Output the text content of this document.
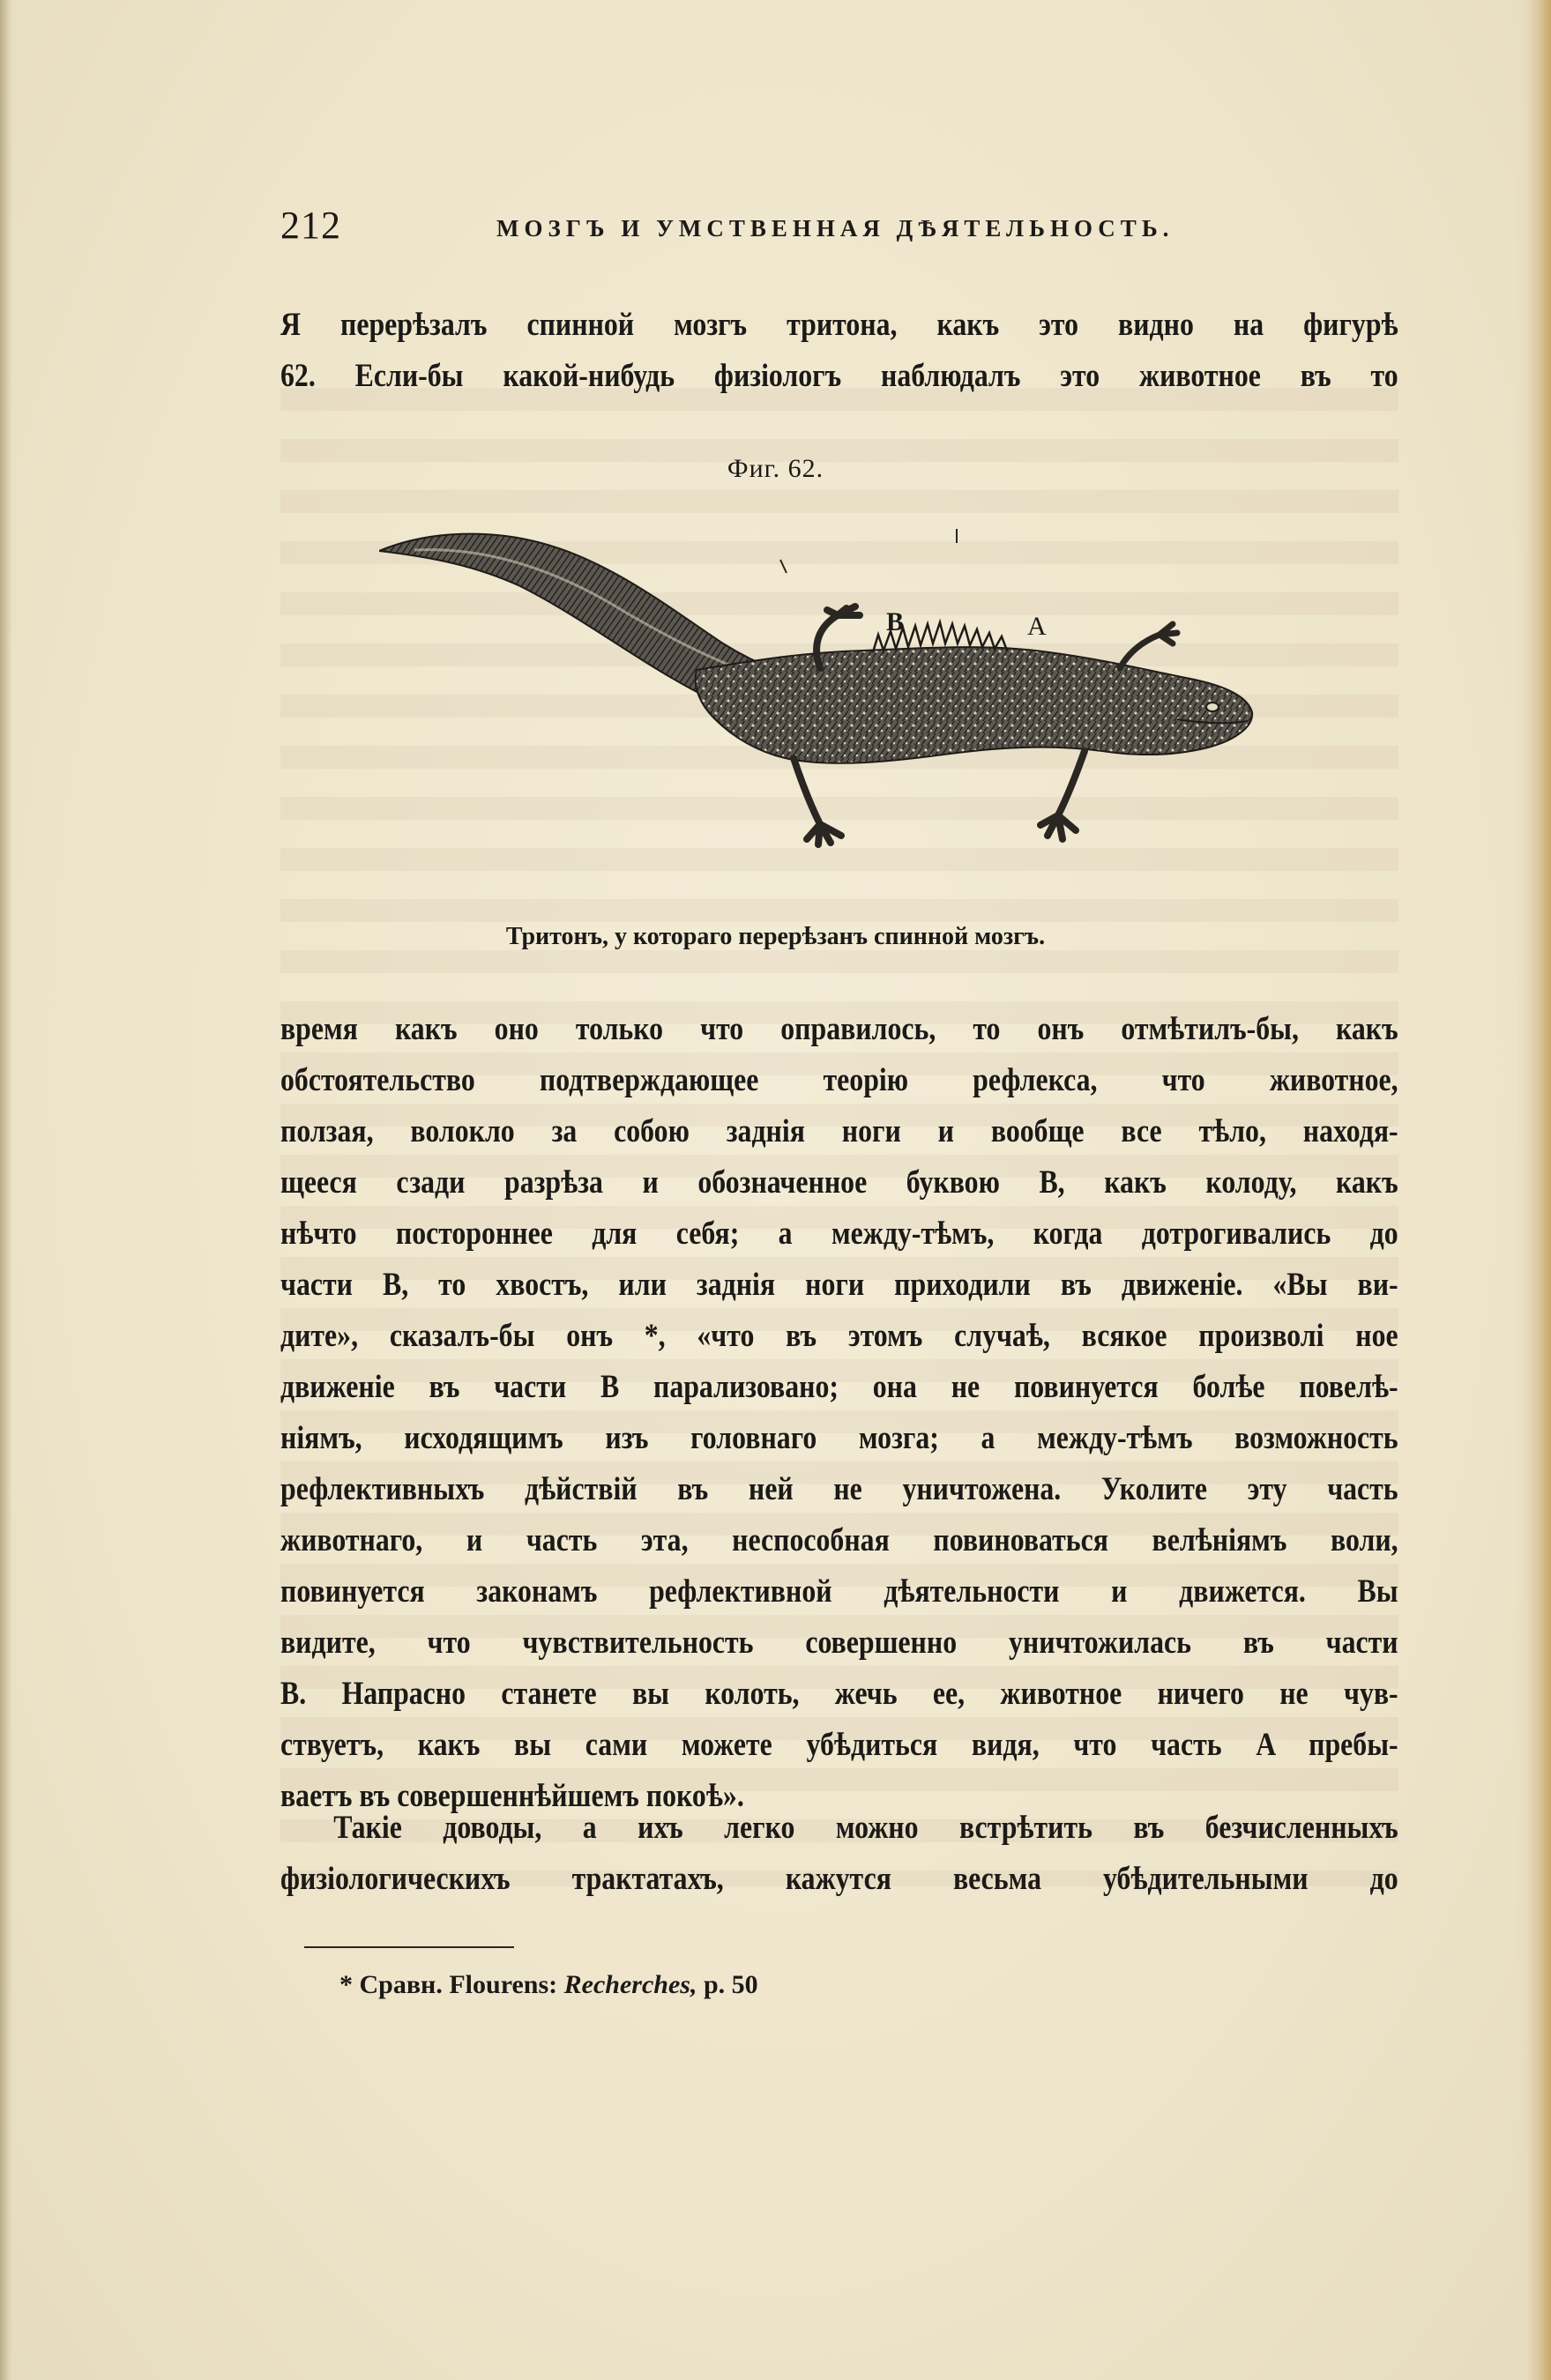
212	МОЗГЪ И УМСТВЕННАЯ ДѢЯТЕЛЬНОСТЬ.

Я перерѣзалъ спинной мозгъ тритона, какъ это видно на фигурѣ
62. Если-бы какой-нибудь физіологъ наблюдалъ это животное въ то

Фиг. 62.
B	A
Тритонъ, у котораго перерѣзанъ спинной мозгъ.

время какъ оно только что оправилось, то онъ отмѣтилъ-бы, какъ
обстоятельство подтверждающее теорію рефлекса, что животное,
ползая, волокло за собою заднія ноги и вообще все тѣло, находя-
щееся сзади разрѣза и обозначенное буквою B, какъ колоду, какъ
нѣчто постороннее для себя; а между-тѣмъ, когда дотрогивались до
части B, то хвостъ, или заднія ноги приходили въ движеніе. «Вы ви-
дите», сказалъ-бы онъ *, «что въ этомъ случаѣ, всякое произволі ное
движеніе въ части B парализовано; она не повинуется болѣе повелѣ-
ніямъ, исходящимъ изъ головнаго мозга; а между-тѣмъ возможность
рефлективныхъ дѣйствій въ ней не уничтожена. Уколите эту часть
животнаго, и часть эта, неспособная повиноваться велѣніямъ воли,
повинуется законамъ рефлективной дѣятельности и движется. Вы
видите, что чувствительность совершенно уничтожилась въ части
B. Напрасно станете вы колоть, жечь ее, животное ничего не чув-
ствуетъ, какъ вы сами можете убѣдиться видя, что часть A пребы-
ваетъ въ совершеннѣйшемъ покоѣ».

Такіе доводы, а ихъ легко можно встрѣтить въ безчисленныхъ
физіологическихъ трактатахъ, кажутся весьма убѣдительными до

* Сравн. Flourens: Recherches, p. 50
